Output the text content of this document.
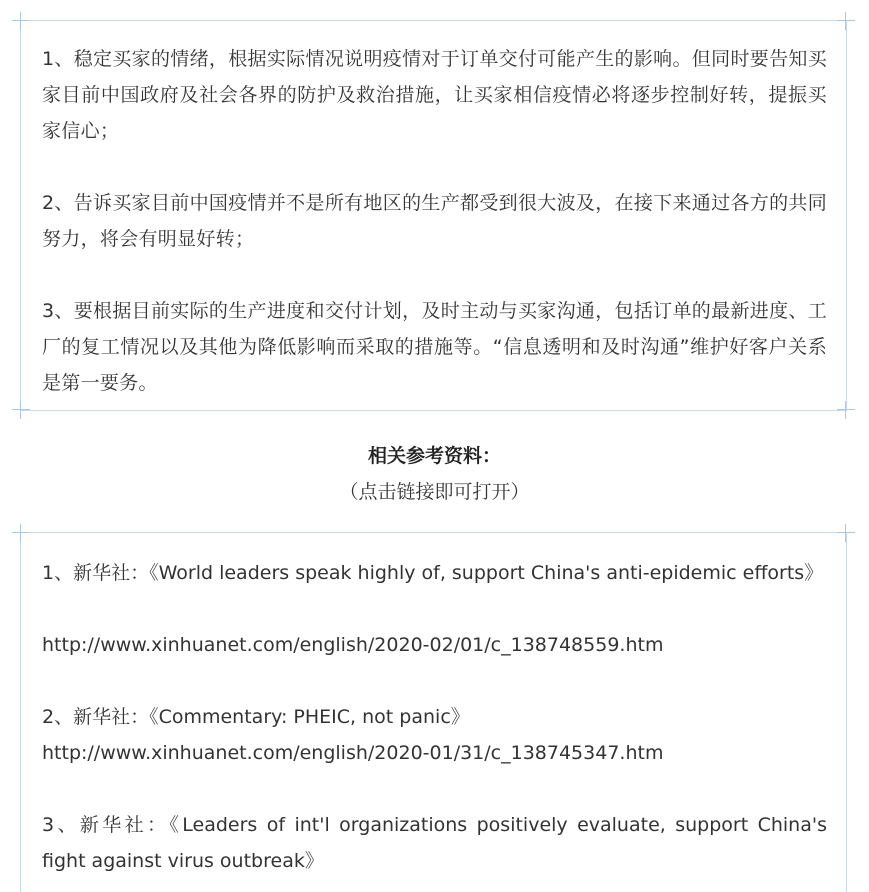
1、稳定买家的情绪，根据实际情况说明疫情对于订单交付可能产生的影响。但同时要告知买家目前中国政府及社会各界的防护及救治措施，让买家相信疫情必将逐步控制好转，提振买家信心；

2、告诉买家目前中国疫情并不是所有地区的生产都受到很大波及，在接下来通过各方的共同努力，将会有明显好转；

3、要根据目前实际的生产进度和交付计划，及时主动与买家沟通，包括订单的最新进度、工厂的复工情况以及其他为降低影响而采取的措施等。“信息透明和及时沟通”维护好客户关系是第一要务。

相关参考资料：
（点击链接即可打开）

1、新华社：《World leaders speak highly of, support China's anti-epidemic efforts》

http://www.xinhuanet.com/english/2020-02/01/c_138748559.htm

2、新华社：《Commentary: PHEIC, not panic》

http://www.xinhuanet.com/english/2020-01/31/c_138745347.htm

3、新华社：《Leaders of int'l organizations positively evaluate, support China's fight against virus outbreak》
